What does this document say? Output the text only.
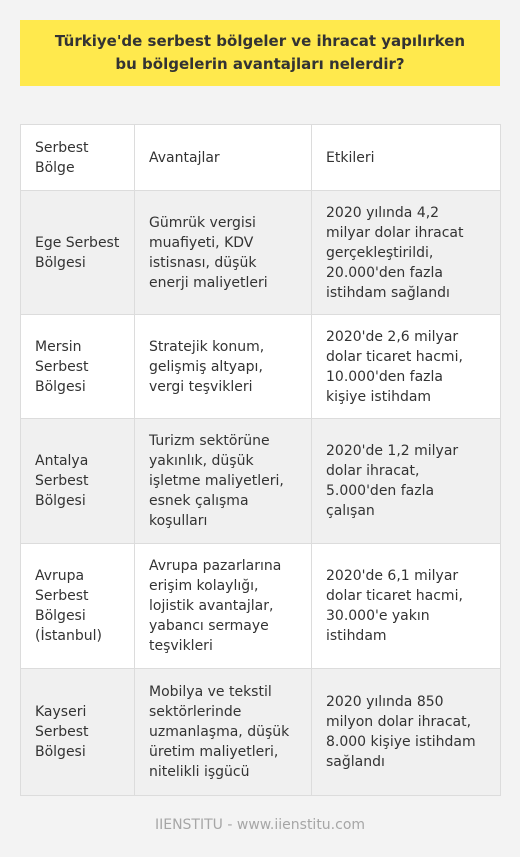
Türkiye'de serbest bölgeler ve ihracat yapılırken bu bölgelerin avantajları nelerdir?
Serbest Bölge	Avantajlar	Etkileri
Ege Serbest Bölgesi	Gümrük vergisi muafiyeti, KDV istisnası, düşük enerji maliyetleri	2020 yılında 4,2 milyar dolar ihracat gerçekleştirildi, 20.000'den fazla istihdam sağlandı
Mersin Serbest Bölgesi	Stratejik konum, gelişmiş altyapı, vergi teşvikleri	2020'de 2,6 milyar dolar ticaret hacmi, 10.000'den fazla kişiye istihdam
Antalya Serbest Bölgesi	Turizm sektörüne yakınlık, düşük işletme maliyetleri, esnek çalışma koşulları	2020'de 1,2 milyar dolar ihracat, 5.000'den fazla çalışan
Avrupa Serbest Bölgesi (İstanbul)	Avrupa pazarlarına erişim kolaylığı, lojistik avantajlar, yabancı sermaye teşvikleri	2020'de 6,1 milyar dolar ticaret hacmi, 30.000'e yakın istihdam
Kayseri Serbest Bölgesi	Mobilya ve tekstil sektörlerinde uzmanlaşma, düşük üretim maliyetleri, nitelikli işgücü	2020 yılında 850 milyon dolar ihracat, 8.000 kişiye istihdam sağlandı
IIENSTITU - www.iienstitu.com
